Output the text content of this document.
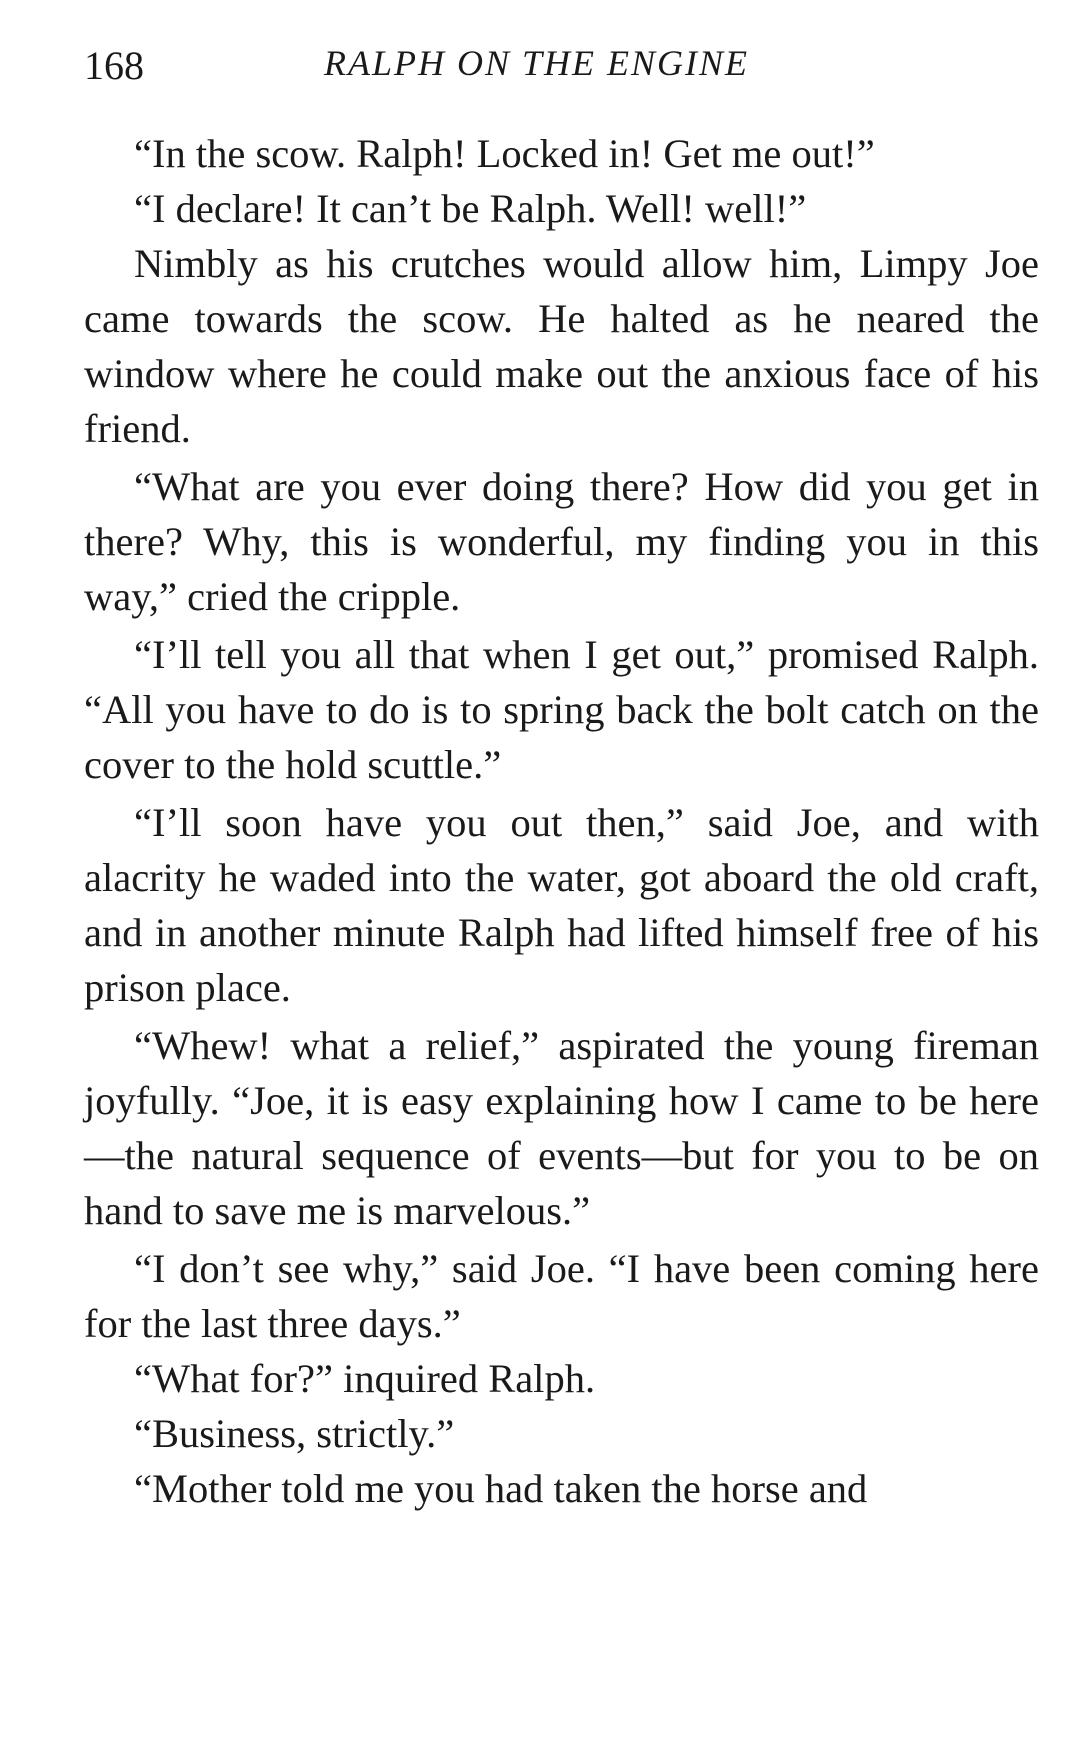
168	RALPH ON THE ENGINE

“In the scow. Ralph! Locked in! Get me out!”

“I declare! It can’t be Ralph. Well! well!”

Nimbly as his crutches would allow him, Limpy Joe came towards the scow. He halted as he neared the window where he could make out the anxious face of his friend.

“What are you ever doing there? How did you get in there? Why, this is wonderful, my finding you in this way,” cried the cripple.

“I’ll tell you all that when I get out,” promised Ralph. “All you have to do is to spring back the bolt catch on the cover to the hold scuttle.”

“I’ll soon have you out then,” said Joe, and with alacrity he waded into the water, got aboard the old craft, and in another minute Ralph had lifted himself free of his prison place.

“Whew! what a relief,” aspirated the young fireman joyfully. “Joe, it is easy explaining how I came to be here—the natural sequence of events—but for you to be on hand to save me is marvelous.”

“I don’t see why,” said Joe. “I have been coming here for the last three days.”

“What for?” inquired Ralph.

“Business, strictly.”

“Mother told me you had taken the horse and
